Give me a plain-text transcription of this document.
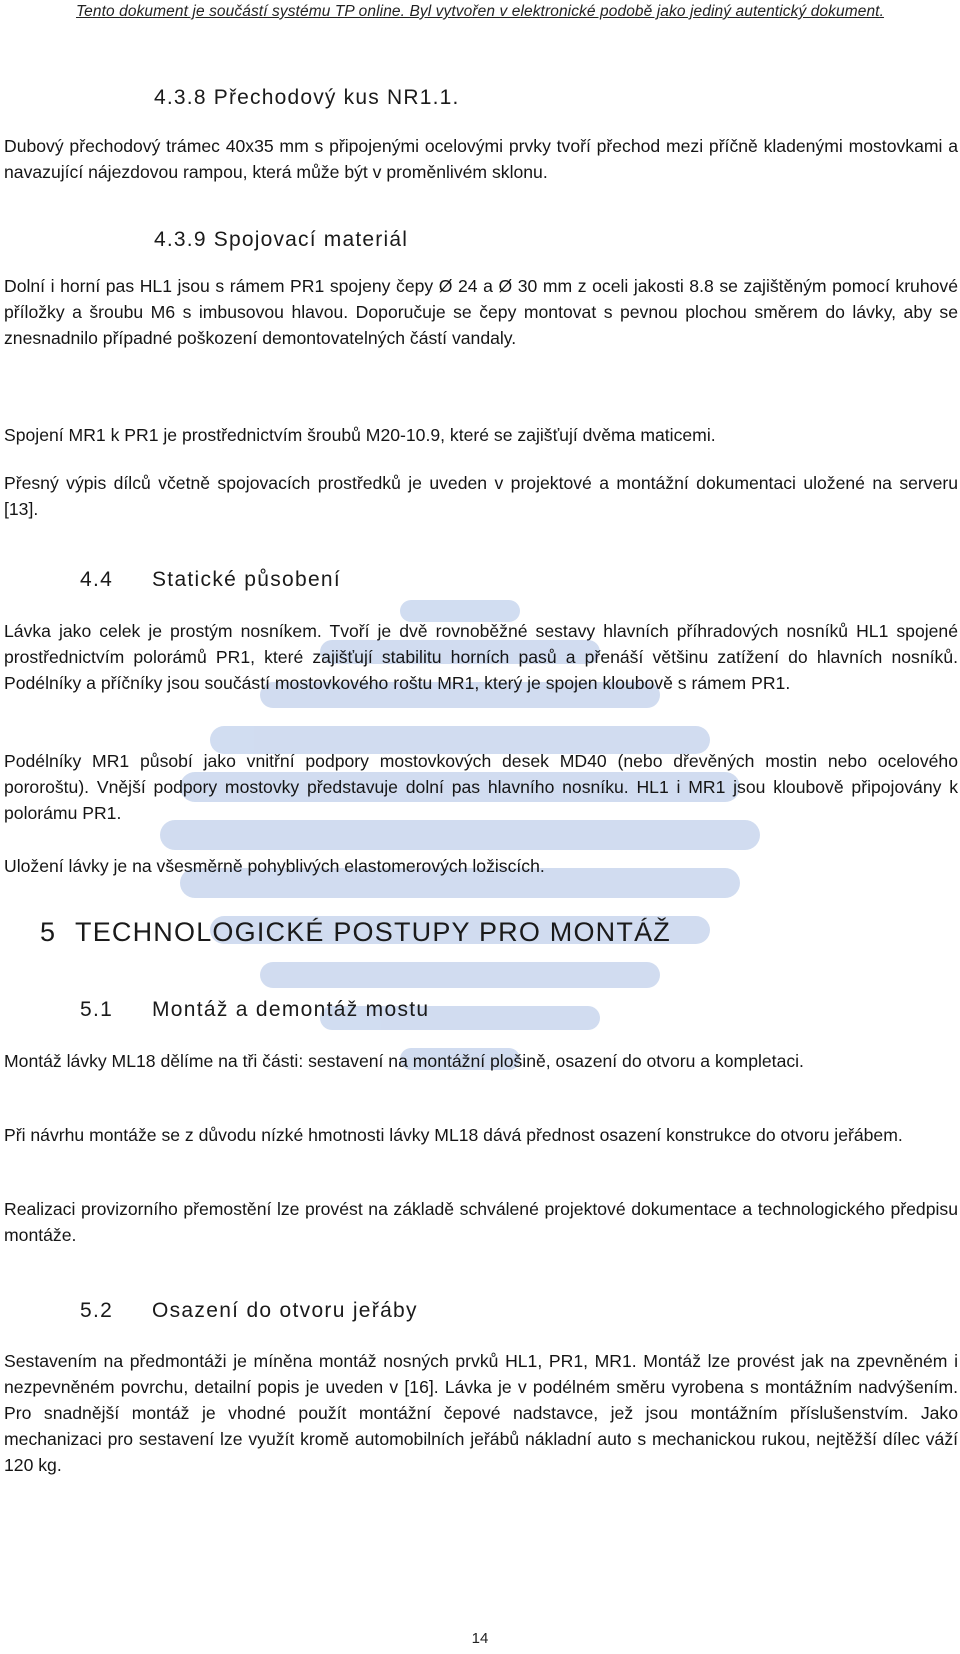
Tento dokument je součástí systému TP online. Byl vytvořen v elektronické podobě jako jediný autentický dokument.
4.3.8 Přechodový kus NR1.1.
Dubový přechodový trámec 40x35 mm s připojenými ocelovými prvky tvoří přechod mezi příčně kladenými mostovkami a navazující nájezdovou rampou, která může být v proměnlivém sklonu.
4.3.9 Spojovací materiál
Dolní i horní pas HL1 jsou s rámem PR1 spojeny čepy Ø 24 a Ø 30 mm z oceli jakosti 8.8 se zajištěným pomocí kruhové příložky a šroubu M6 s imbusovou hlavou. Doporučuje se čepy montovat s pevnou plochou směrem do lávky, aby se znesnadnilo případné poškození demontovatelných částí vandaly.
Spojení MR1 k PR1 je prostřednictvím šroubů M20-10.9, které se zajišťují dvěma maticemi.
Přesný výpis dílců včetně spojovacích prostředků je uveden v projektové a montážní dokumentaci uložené na serveru [13].
4.4 Statické působení
Lávka jako celek je prostým nosníkem. Tvoří je dvě rovnoběžné sestavy hlavních příhradových nosníků HL1 spojené prostřednictvím polorámů PR1, které zajišťují stabilitu horních pasů a přenáší většinu zatížení do hlavních nosníků. Podélníky a příčníky jsou součástí mostovkového roštu MR1, který je spojen kloubově s rámem PR1.
Podélníky MR1 působí jako vnitřní podpory mostovkových desek MD40 (nebo dřevěných mostin nebo ocelového pororoštu). Vnější podpory mostovky představuje dolní pas hlavního nosníku. HL1 i MR1 jsou kloubově připojovány k polorámu PR1.
Uložení lávky je na všesměrně pohyblivých elastomerových ložiscích.
5 TECHNOLOGICKÉ POSTUPY PRO MONTÁŽ
5.1 Montáž a demontáž mostu
Montáž lávky ML18 dělíme na tři části: sestavení na montážní plošině, osazení do otvoru a kompletaci.
Při návrhu montáže se z důvodu nízké hmotnosti lávky ML18 dává přednost osazení konstrukce do otvoru jeřábem.
Realizaci provizorního přemostění lze provést na základě schválené projektové dokumentace a technologického předpisu montáže.
5.2 Osazení do otvoru jeřáby
Sestavením na předmontáži je míněna montáž nosných prvků HL1, PR1, MR1. Montáž lze provést jak na zpevněném i nezpevněném povrchu, detailní popis je uveden v [16]. Lávka je v podélném směru vyrobena s montážním nadvýšením. Pro snadnější montáž je vhodné použít montážní čepové nadstavce, jež jsou montážním příslušenstvím. Jako mechanizaci pro sestavení lze využít kromě automobilních jeřábů nákladní auto s mechanickou rukou, nejtěžší dílec váží 120 kg.
14
